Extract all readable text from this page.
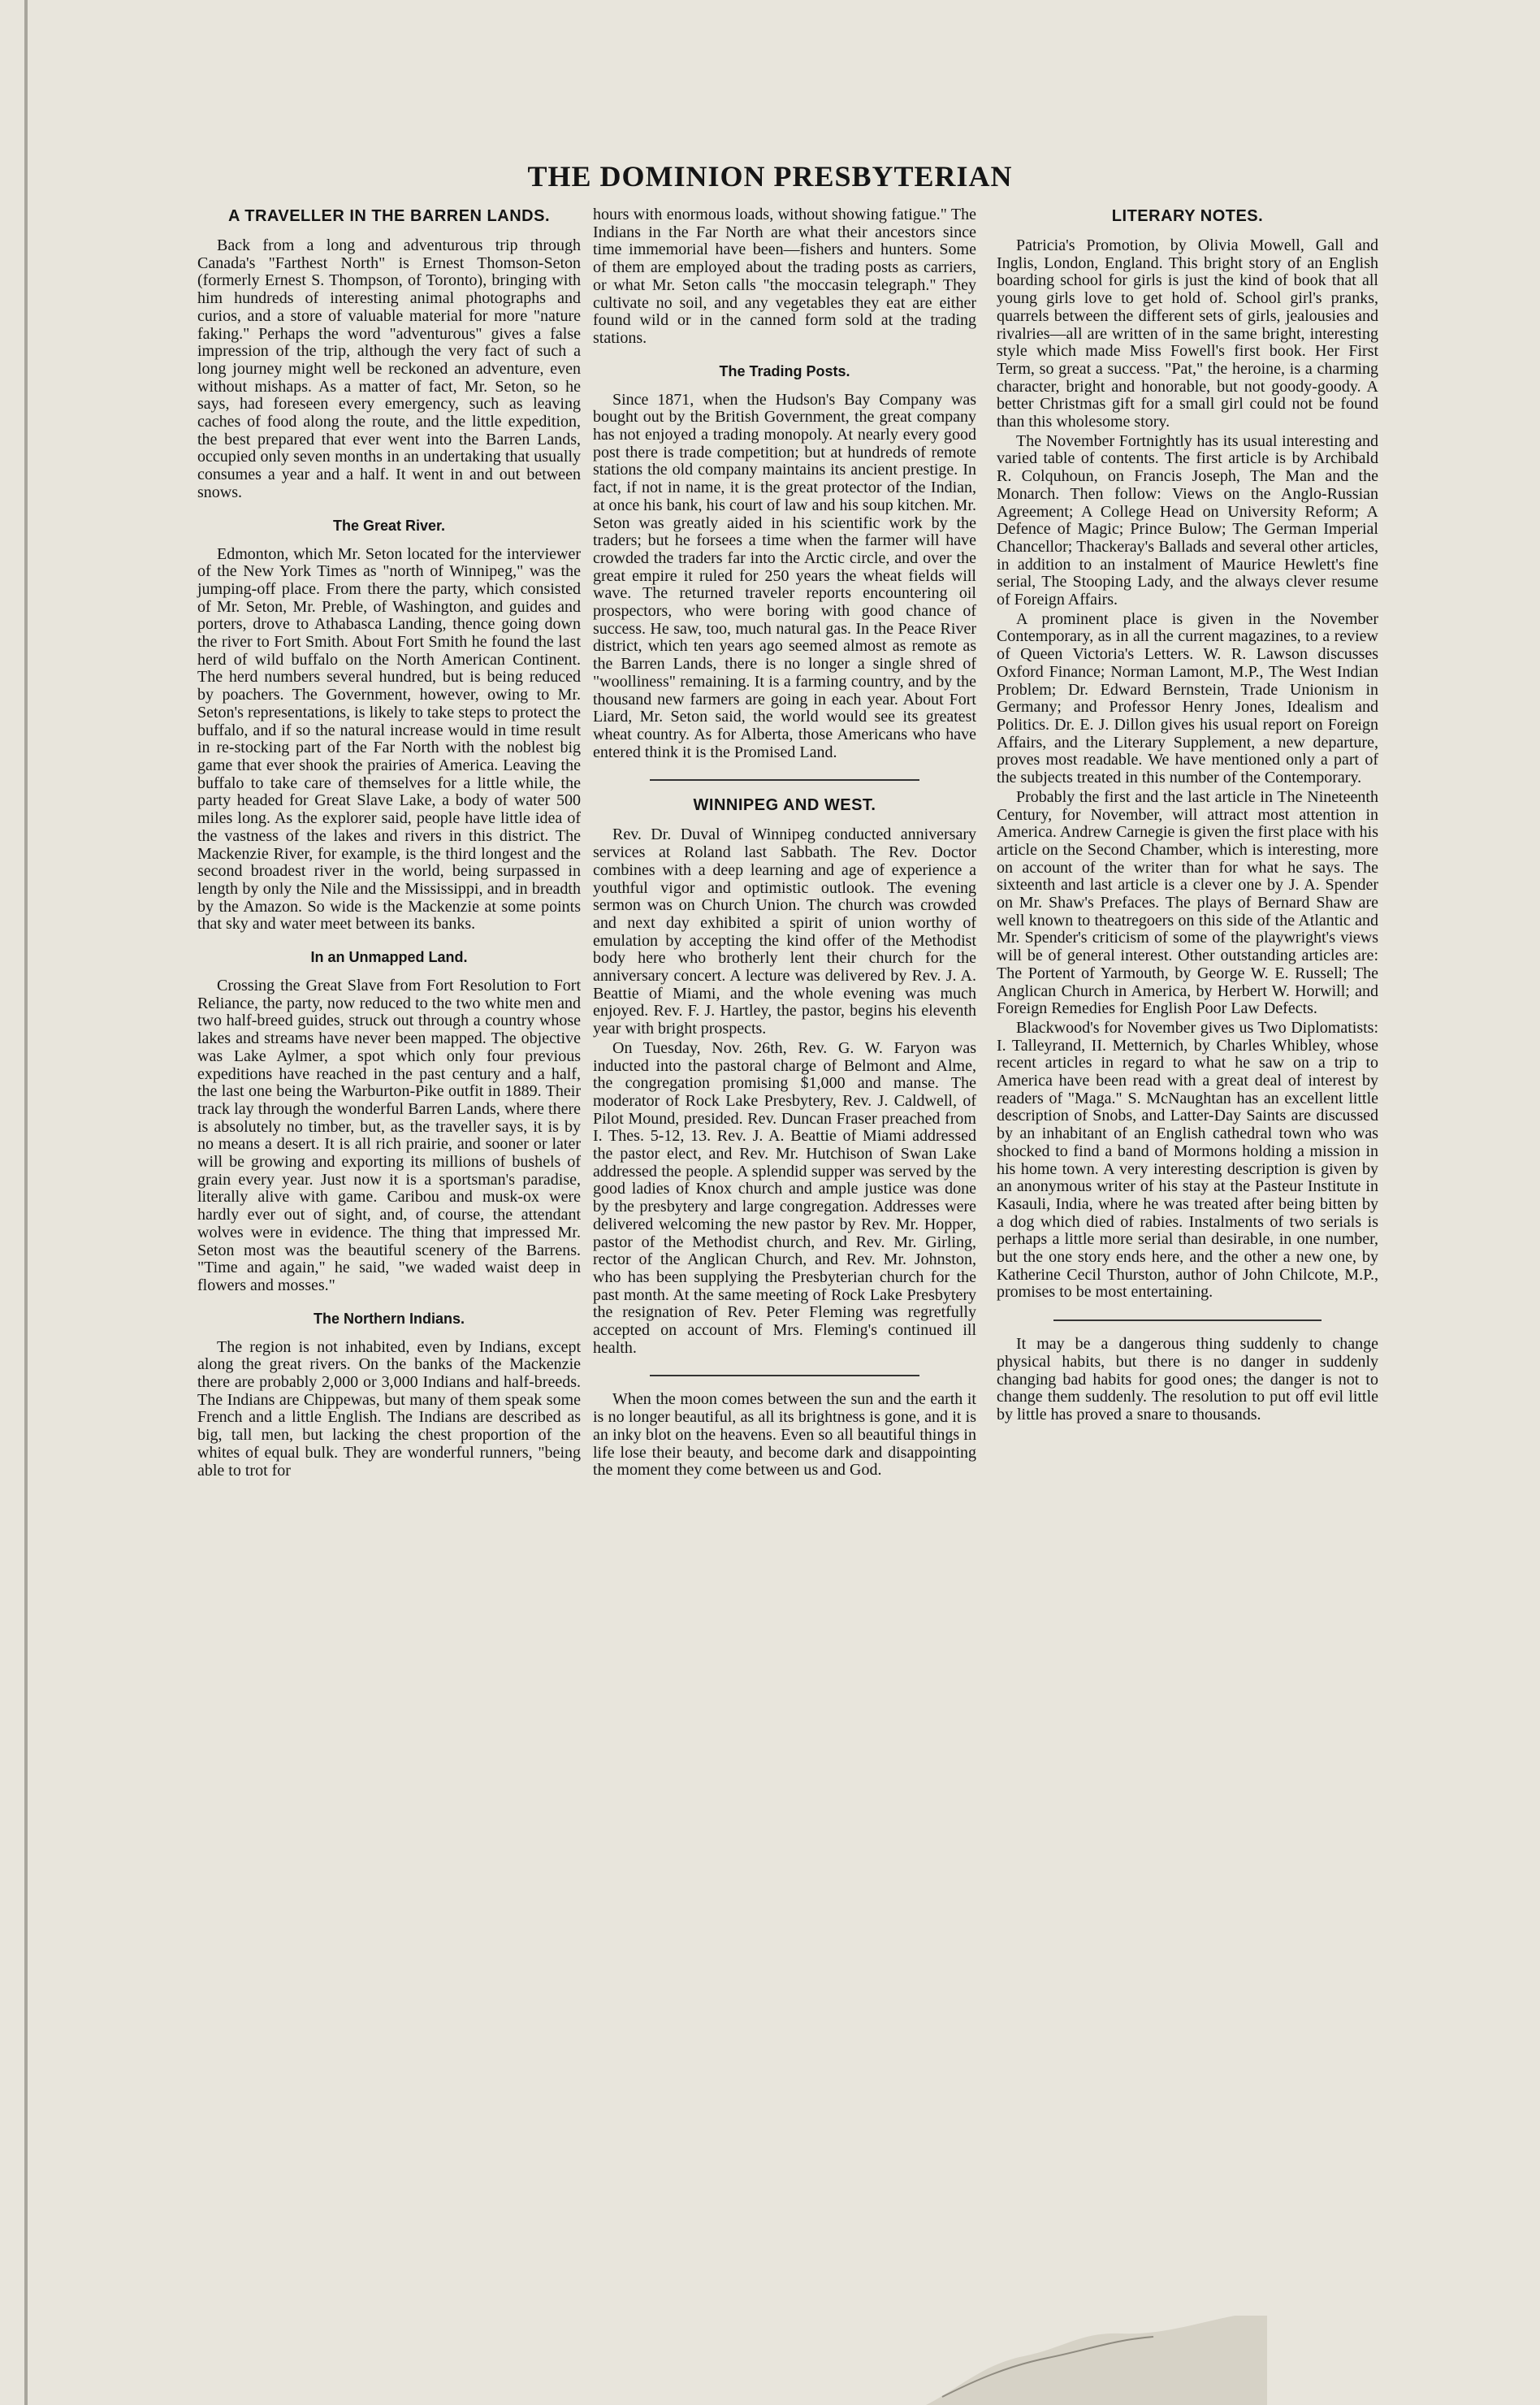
THE DOMINION PRESBYTERIAN
A TRAVELLER IN THE BARREN LANDS.

Back from a long and adventurous trip through Canada's "Farthest North" is Ernest Thomson-Seton (formerly Ernest S. Thompson, of Toronto), bringing with him hundreds of interesting animal photographs and curios, and a store of valuable material for more "nature faking." Perhaps the word "adventurous" gives a false impression of the trip, although the very fact of such a long journey might well be reckoned an adventure, even without mishaps. As a matter of fact, Mr. Seton, so he says, had foreseen every emergency, such as leaving caches of food along the route, and the little expedition, the best prepared that ever went into the Barren Lands, occupied only seven months in an undertaking that usually consumes a year and a half. It went in and out between snows.

The Great River.

Edmonton, which Mr. Seton located for the interviewer of the New York Times as "north of Winnipeg," was the jumping-off place. From there the party, which consisted of Mr. Seton, Mr. Preble, of Washington, and guides and porters, drove to Athabasca Landing, thence going down the river to Fort Smith. About Fort Smith he found the last herd of wild buffalo on the North American Continent. The herd numbers several hundred, but is being reduced by poachers. The Government, however, owing to Mr. Seton's representations, is likely to take steps to protect the buffalo, and if so the natural increase would in time result in re-stocking part of the Far North with the noblest big game that ever shook the prairies of America. Leaving the buffalo to take care of themselves for a little while, the party headed for Great Slave Lake, a body of water 500 miles long. As the explorer said, people have little idea of the vastness of the lakes and rivers in this district. The Mackenzie River, for example, is the third longest and the second broadest river in the world, being surpassed in length by only the Nile and the Mississippi, and in breadth by the Amazon. So wide is the Mackenzie at some points that sky and water meet between its banks.

In an Unmapped Land.

Crossing the Great Slave from Fort Resolution to Fort Reliance, the party, now reduced to the two white men and two half-breed guides, struck out through a country whose lakes and streams have never been mapped. The objective was Lake Aylmer, a spot which only four previous expeditions have reached in the past century and a half, the last one being the Warburton-Pike outfit in 1889. Their track lay through the wonderful Barren Lands, where there is absolutely no timber, but, as the traveller says, it is by no means a desert. It is all rich prairie, and sooner or later will be growing and exporting its millions of bushels of grain every year. Just now it is a sportsman's paradise, literally alive with game. Caribou and musk-ox were hardly ever out of sight, and, of course, the attendant wolves were in evidence. The thing that impressed Mr. Seton most was the beautiful scenery of the Barrens. "Time and again," he said, "we waded waist deep in flowers and mosses."

The Northern Indians.

The region is not inhabited, even by Indians, except along the great rivers. On the banks of the Mackenzie there are probably 2,000 or 3,000 Indians and half-breeds. The Indians are Chippewas, but many of them speak some French and a little English. The Indians are described as big, tall men, but lacking the chest proportion of the whites of equal bulk. They are wonderful runners, "being able to trot for

hours with enormous loads, without showing fatigue." The Indians in the Far North are what their ancestors since time immemorial have been—fishers and hunters. Some of them are employed about the trading posts as carriers, or what Mr. Seton calls "the moccasin telegraph." They cultivate no soil, and any vegetables they eat are either found wild or in the canned form sold at the trading stations.

The Trading Posts.

Since 1871, when the Hudson's Bay Company was bought out by the British Government, the great company has not enjoyed a trading monopoly. At nearly every good post there is trade competition; but at hundreds of remote stations the old company maintains its ancient prestige. In fact, if not in name, it is the great protector of the Indian, at once his bank, his court of law and his soup kitchen. Mr. Seton was greatly aided in his scientific work by the traders; but he forsees a time when the farmer will have crowded the traders far into the Arctic circle, and over the great empire it ruled for 250 years the wheat fields will wave. The returned traveler reports encountering oil prospectors, who were boring with good chance of success. He saw, too, much natural gas. In the Peace River district, which ten years ago seemed almost as remote as the Barren Lands, there is no longer a single shred of "woolliness" remaining. It is a farming country, and by the thousand new farmers are going in each year. About Fort Liard, Mr. Seton said, the world would see its greatest wheat country. As for Alberta, those Americans who have entered think it is the Promised Land.

WINNIPEG AND WEST.

Rev. Dr. Duval of Winnipeg conducted anniversary services at Roland last Sabbath. The Rev. Doctor combines with a deep learning and age of experience a youthful vigor and optimistic outlook. The evening sermon was on Church Union. The church was crowded and next day exhibited a spirit of union worthy of emulation by accepting the kind offer of the Methodist body here who brotherly lent their church for the anniversary concert. A lecture was delivered by Rev. J. A. Beattie of Miami, and the whole evening was much enjoyed. Rev. F. J. Hartley, the pastor, begins his eleventh year with bright prospects.

On Tuesday, Nov. 26th, Rev. G. W. Faryon was inducted into the pastoral charge of Belmont and Alme, the congregation promising $1,000 and manse. The moderator of Rock Lake Presbytery, Rev. J. Caldwell, of Pilot Mound, presided. Rev. Duncan Fraser preached from I. Thes. 5-12, 13. Rev. J. A. Beattie of Miami addressed the pastor elect, and Rev. Mr. Hutchison of Swan Lake addressed the people. A splendid supper was served by the good ladies of Knox church and ample justice was done by the presbytery and large congregation. Addresses were delivered welcoming the new pastor by Rev. Mr. Hopper, pastor of the Methodist church, and Rev. Mr. Girling, rector of the Anglican Church, and Rev. Mr. Johnston, who has been supplying the Presbyterian church for the past month. At the same meeting of Rock Lake Presbytery the resignation of Rev. Peter Fleming was regretfully accepted on account of Mrs. Fleming's continued ill health.

When the moon comes between the sun and the earth it is no longer beautiful, as all its brightness is gone, and it is an inky blot on the heavens. Even so all beautiful things in life lose their beauty, and become dark and disappointing the moment they come between us and God.

LITERARY NOTES.

Patricia's Promotion, by Olivia Mowell, Gall and Inglis, London, England. This bright story of an English boarding school for girls is just the kind of book that all young girls love to get hold of. School girl's pranks, quarrels between the different sets of girls, jealousies and rivalries—all are written of in the same bright, interesting style which made Miss Fowell's first book. Her First Term, so great a success. "Pat," the heroine, is a charming character, bright and honorable, but not goody-goody. A better Christmas gift for a small girl could not be found than this wholesome story.

The November Fortnightly has its usual interesting and varied table of contents. The first article is by Archibald R. Colquhoun, on Francis Joseph, The Man and the Monarch. Then follow: Views on the Anglo-Russian Agreement; A College Head on University Reform; A Defence of Magic; Prince Bulow; The German Imperial Chancellor; Thackeray's Ballads and several other articles, in addition to an instalment of Maurice Hewlett's fine serial, The Stooping Lady, and the always clever resume of Foreign Affairs.

A prominent place is given in the November Contemporary, as in all the current magazines, to a review of Queen Victoria's Letters. W. R. Lawson discusses Oxford Finance; Norman Lamont, M.P., The West Indian Problem; Dr. Edward Bernstein, Trade Unionism in Germany; and Professor Henry Jones, Idealism and Politics. Dr. E. J. Dillon gives his usual report on Foreign Affairs, and the Literary Supplement, a new departure, proves most readable. We have mentioned only a part of the subjects treated in this number of the Contemporary.

Probably the first and the last article in The Nineteenth Century, for November, will attract most attention in America. Andrew Carnegie is given the first place with his article on the Second Chamber, which is interesting, more on account of the writer than for what he says. The sixteenth and last article is a clever one by J. A. Spender on Mr. Shaw's Prefaces. The plays of Bernard Shaw are well known to theatregoers on this side of the Atlantic and Mr. Spender's criticism of some of the playwright's views will be of general interest. Other outstanding articles are: The Portent of Yarmouth, by George W. E. Russell; The Anglican Church in America, by Herbert W. Horwill; and Foreign Remedies for English Poor Law Defects.

Blackwood's for November gives us Two Diplomatists: I. Talleyrand, II. Metternich, by Charles Whibley, whose recent articles in regard to what he saw on a trip to America have been read with a great deal of interest by readers of "Maga." S. McNaughtan has an excellent little description of Snobs, and Latter-Day Saints are discussed by an inhabitant of an English cathedral town who was shocked to find a band of Mormons holding a mission in his home town. A very interesting description is given by an anonymous writer of his stay at the Pasteur Institute in Kasauli, India, where he was treated after being bitten by a dog which died of rabies. Instalments of two serials is perhaps a little more serial than desirable, in one number, but the one story ends here, and the other a new one, by Katherine Cecil Thurston, author of John Chilcote, M.P., promises to be most entertaining.

It may be a dangerous thing suddenly to change physical habits, but there is no danger in suddenly changing bad habits for good ones; the danger is not to change them suddenly. The resolution to put off evil little by little has proved a snare to thousands.
